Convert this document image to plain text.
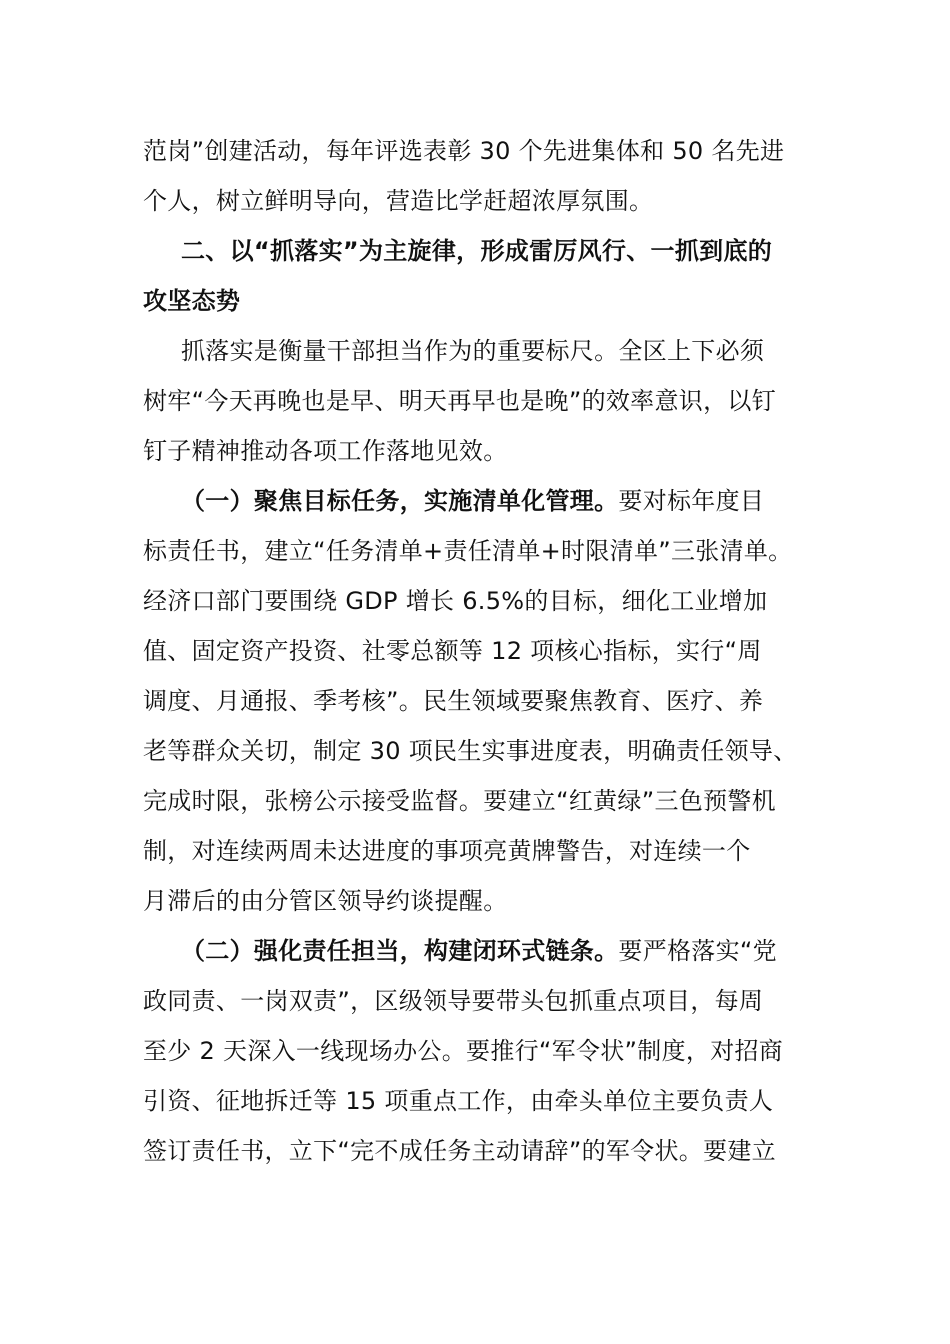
范岗”创建活动，每年评选表彰 30 个先进集体和 50 名先进
个人，树立鲜明导向，营造比学赶超浓厚氛围。
二、以“抓落实”为主旋律，形成雷厉风行、一抓到底的
攻坚态势
抓落实是衡量干部担当作为的重要标尺。全区上下必须
树牢“今天再晚也是早、明天再早也是晚”的效率意识，以钉
钉子精神推动各项工作落地见效。
（一）聚焦目标任务，实施清单化管理。要对标年度目
标责任书，建立“任务清单+责任清单+时限清单”三张清单。
经济口部门要围绕 GDP 增长 6.5%的目标，细化工业增加
值、固定资产投资、社零总额等 12 项核心指标，实行“周
调度、月通报、季考核”。民生领域要聚焦教育、医疗、养
老等群众关切，制定 30 项民生实事进度表，明确责任领导、
完成时限，张榜公示接受监督。要建立“红黄绿”三色预警机
制，对连续两周未达进度的事项亮黄牌警告，对连续一个
月滞后的由分管区领导约谈提醒。
（二）强化责任担当，构建闭环式链条。要严格落实“党
政同责、一岗双责”，区级领导要带头包抓重点项目，每周
至少 2 天深入一线现场办公。要推行“军令状”制度，对招商
引资、征地拆迁等 15 项重点工作，由牵头单位主要负责人
签订责任书，立下“完不成任务主动请辞”的军令状。要建立
